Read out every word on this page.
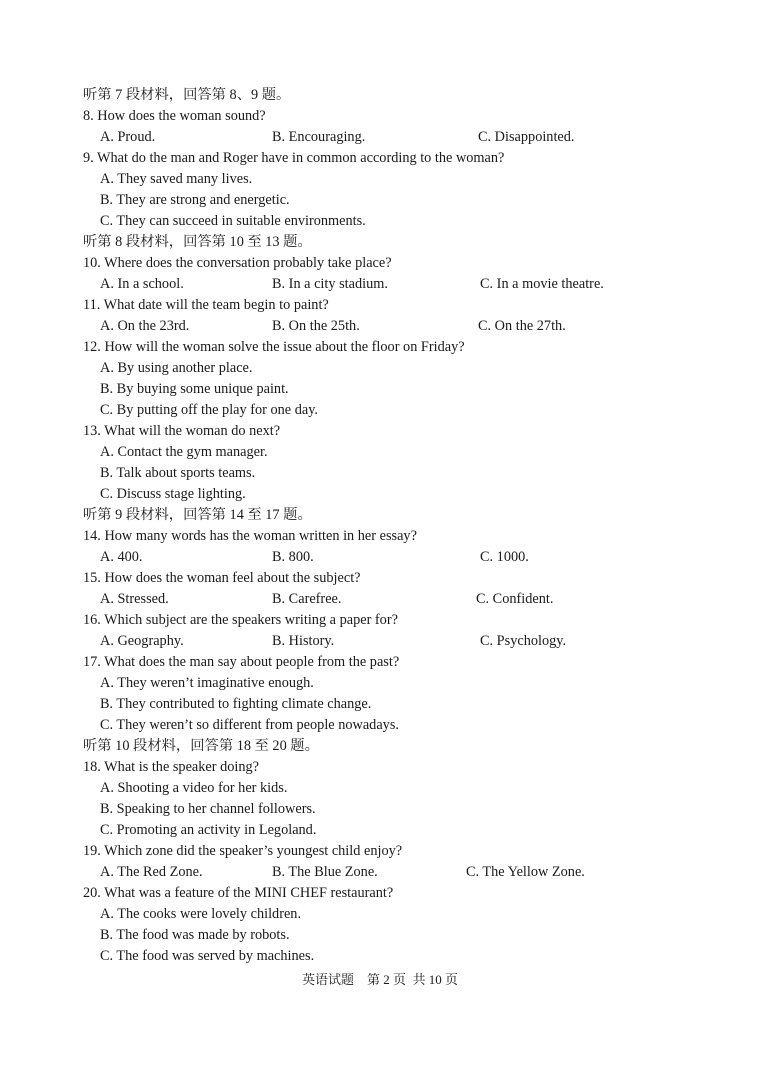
听第 7 段材料，回答第 8、9 题。
8. How does the woman sound?
A. Proud.	B. Encouraging.	C. Disappointed.
9. What do the man and Roger have in common according to the woman?
A. They saved many lives.
B. They are strong and energetic.
C. They can succeed in suitable environments.
听第 8 段材料，回答第 10 至 13 题。
10. Where does the conversation probably take place?
A. In a school.	B. In a city stadium.	C. In a movie theatre.
11. What date will the team begin to paint?
A. On the 23rd.	B. On the 25th.	C. On the 27th.
12. How will the woman solve the issue about the floor on Friday?
A. By using another place.
B. By buying some unique paint.
C. By putting off the play for one day.
13. What will the woman do next?
A. Contact the gym manager.
B. Talk about sports teams.
C. Discuss stage lighting.
听第 9 段材料，回答第 14 至 17 题。
14. How many words has the woman written in her essay?
A. 400.	B. 800.	C. 1000.
15. How does the woman feel about the subject?
A. Stressed.	B. Carefree.	C. Confident.
16. Which subject are the speakers writing a paper for?
A. Geography.	B. History.	C. Psychology.
17. What does the man say about people from the past?
A. They weren’t imaginative enough.
B. They contributed to fighting climate change.
C. They weren’t so different from people nowadays.
听第 10 段材料，回答第 18 至 20 题。
18. What is the speaker doing?
A. Shooting a video for her kids.
B. Speaking to her channel followers.
C. Promoting an activity in Legoland.
19. Which zone did the speaker’s youngest child enjoy?
A. The Red Zone.	B. The Blue Zone.	C. The Yellow Zone.
20. What was a feature of the MINI CHEF restaurant?
A. The cooks were lovely children.
B. The food was made by robots.
C. The food was served by machines.
英语试题    第 2 页  共 10 页
